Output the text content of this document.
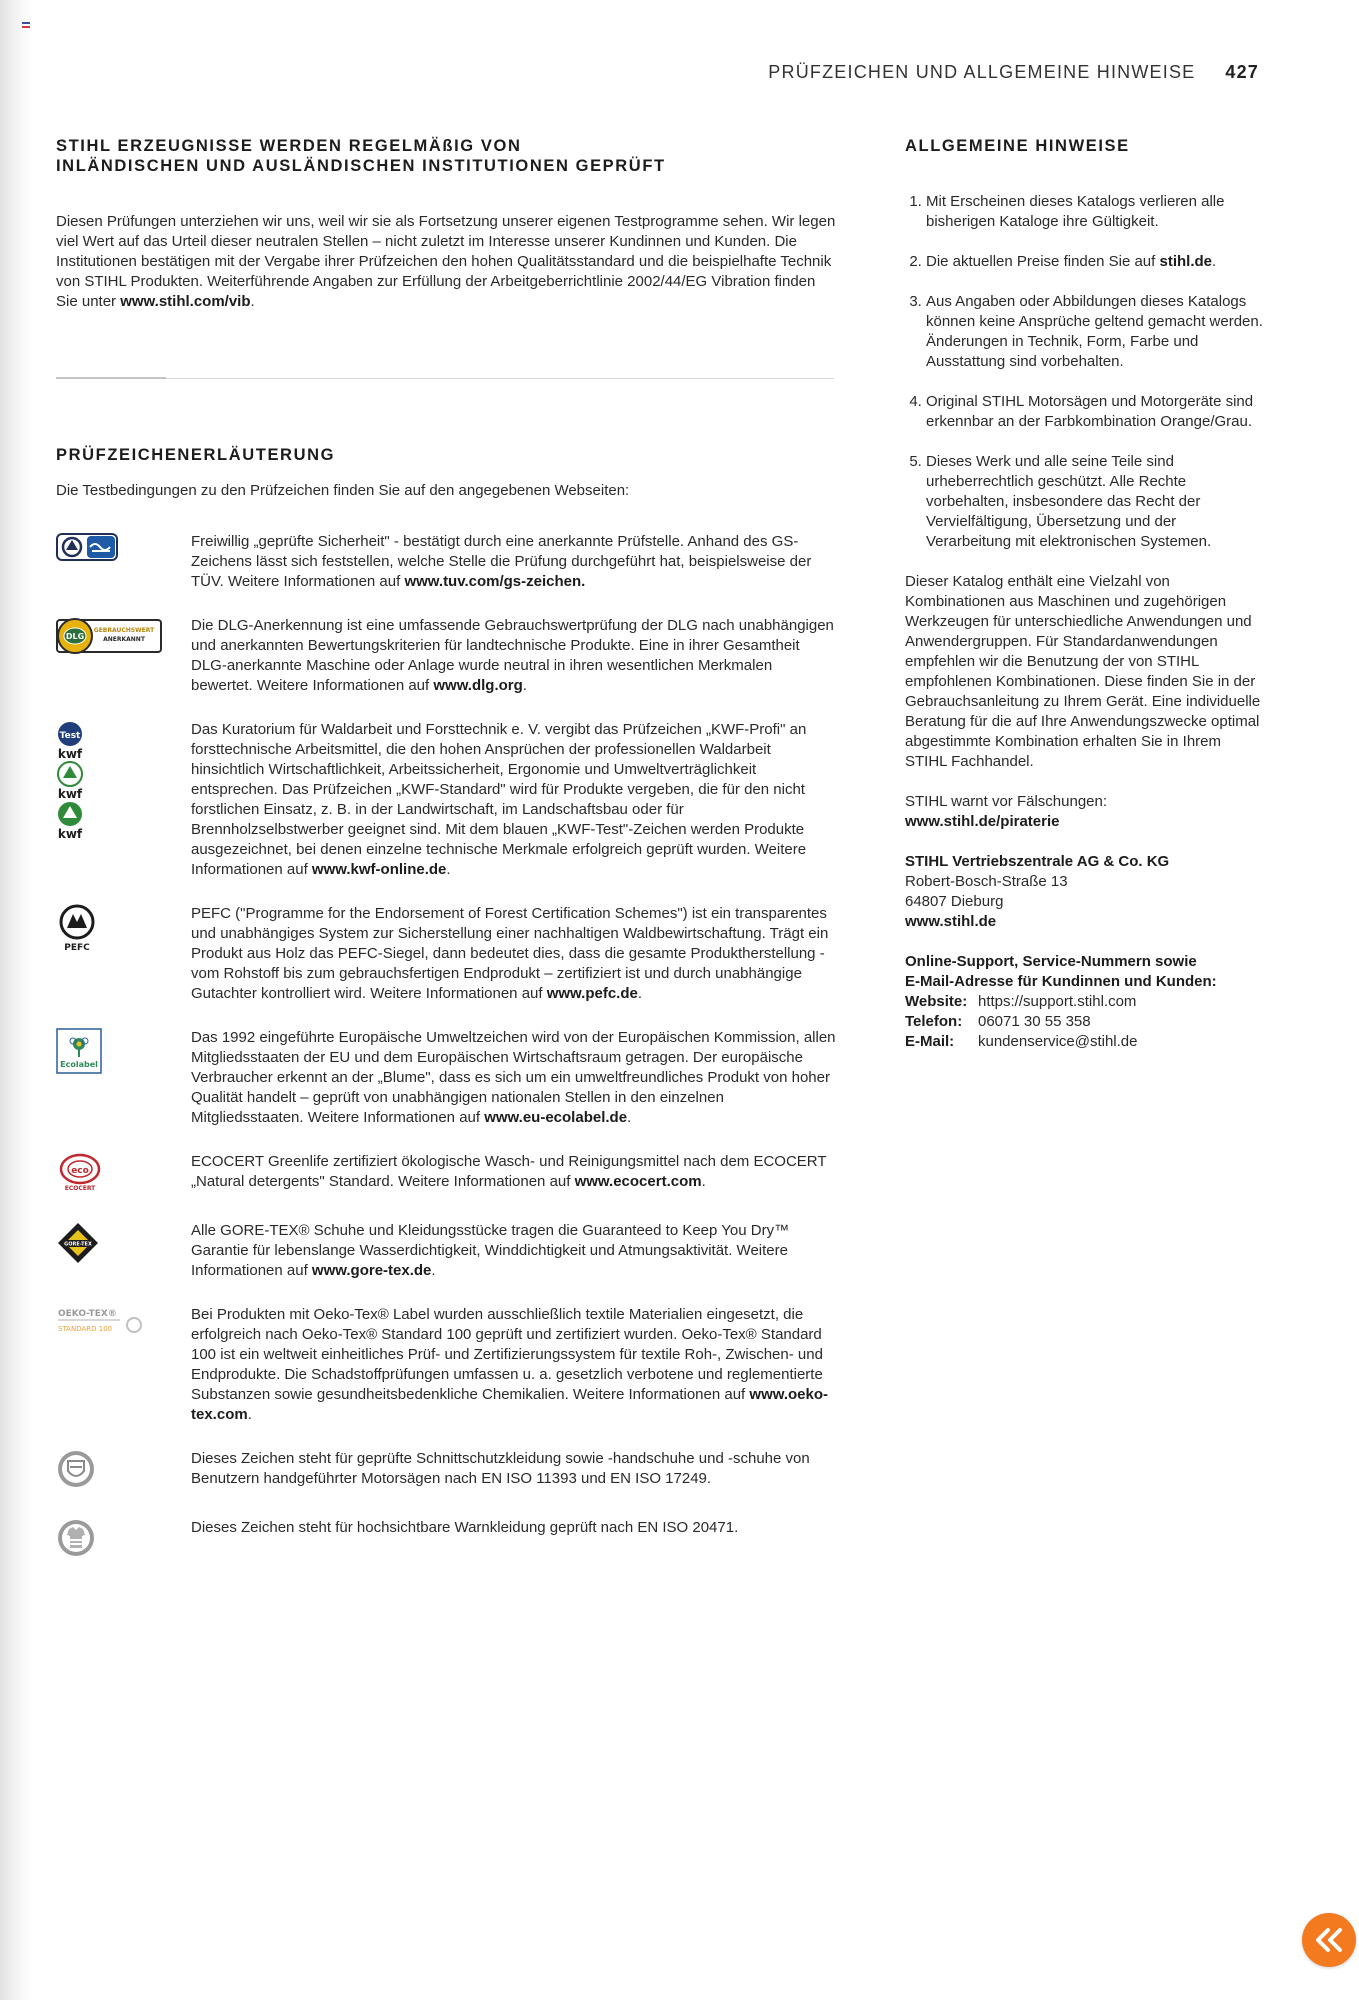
PRÜFZEICHEN UND ALLGEMEINE HINWEISE 427
STIHL ERZEUGNISSE WERDEN REGELMÄßIG VON
INLÄNDISCHEN UND AUSLÄNDISCHEN INSTITUTIONEN GEPRÜFT

Diesen Prüfungen unterziehen wir uns, weil wir sie als Fortsetzung unserer eigenen Testprogramme sehen. Wir legen viel Wert auf das Urteil dieser neutralen Stellen – nicht zuletzt im Interesse unserer Kundinnen und Kunden. Die Institutionen bestätigen mit der Vergabe ihrer Prüfzeichen den hohen Qualitätsstandard und die beispielhafte Technik von STIHL Produkten. Weiterführende Angaben zur Erfüllung der Arbeitgeberrichtlinie 2002/44/EG Vibration finden Sie unter www.stihl.com/vib.

PRÜFZEICHENERLÄUTERUNG

Die Testbedingungen zu den Prüfzeichen finden Sie auf den angegebenen Webseiten:

Freiwillig „geprüfte Sicherheit" - bestätigt durch eine anerkannte Prüfstelle. Anhand des GS-Zeichens lässt sich feststellen, welche Stelle die Prüfung durchgeführt hat, beispielsweise der TÜV. Weitere Informationen auf www.tuv.com/gs-zeichen.

DLG
GEBRAUCHSWERT
ANERKANNT

Die DLG-Anerkennung ist eine umfassende Gebrauchswertprüfung der DLG nach unabhängigen und anerkannten Bewertungskriterien für landtechnische Produkte. Eine in ihrer Gesamtheit DLG-anerkannte Maschine oder Anlage wurde neutral in ihren wesentlichen Merkmalen bewertet. Weitere Informationen auf www.dlg.org.

Test
kwf
kwf
kwf

Das Kuratorium für Waldarbeit und Forsttechnik e. V. vergibt das Prüfzeichen „KWF-Profi" an forsttechnische Arbeitsmittel, die den hohen Ansprüchen der professionellen Waldarbeit hinsichtlich Wirtschaftlichkeit, Arbeitssicherheit, Ergonomie und Umweltverträglichkeit entsprechen. Das Prüfzeichen „KWF-Standard" wird für Produkte vergeben, die für den nicht forstlichen Einsatz, z. B. in der Landwirtschaft, im Landschaftsbau oder für Brennholzselbstwerber geeignet sind. Mit dem blauen „KWF-Test"-Zeichen werden Produkte ausgezeichnet, bei denen einzelne technische Merkmale erfolgreich geprüft wurden. Weitere Informationen auf www.kwf-online.de.

PEFC

PEFC ("Programme for the Endorsement of Forest Certification Schemes") ist ein transparentes und unabhängiges System zur Sicherstellung einer nachhaltigen Waldbewirtschaftung. Trägt ein Produkt aus Holz das PEFC-Siegel, dann bedeutet dies, dass die gesamte Produktherstellung - vom Rohstoff bis zum gebrauchsfertigen Endprodukt – zertifiziert ist und durch unabhängige Gutachter kontrolliert wird. Weitere Informationen auf www.pefc.de.

Ecolabel

Das 1992 eingeführte Europäische Umweltzeichen wird von der Europäischen Kommission, allen Mitgliedsstaaten der EU und dem Europäischen Wirtschaftsraum getragen. Der europäische Verbraucher erkennt an der „Blume", dass es sich um ein umweltfreundliches Produkt von hoher Qualität handelt – geprüft von unabhängigen nationalen Stellen in den einzelnen Mitgliedsstaaten. Weitere Informationen auf www.eu-ecolabel.de.

eco
ECOCERT

ECOCERT Greenlife zertifiziert ökologische Wasch- und Reinigungsmittel nach dem ECOCERT „Natural detergents" Standard. Weitere Informationen auf www.ecocert.com.

GORE-TEX

Alle GORE-TEX® Schuhe und Kleidungsstücke tragen die Guaranteed to Keep You Dry™ Garantie für lebenslange Wasserdichtigkeit, Winddichtigkeit und Atmungsaktivität. Weitere Informationen auf www.gore-tex.de.

OEKO-TEX®
STANDARD 100

Bei Produkten mit Oeko-Tex® Label wurden ausschließlich textile Materialien eingesetzt, die erfolgreich nach Oeko-Tex® Standard 100 geprüft und zertifiziert wurden. Oeko-Tex® Standard 100 ist ein weltweit einheitliches Prüf- und Zertifizierungssystem für textile Roh-, Zwischen- und Endprodukte. Die Schadstoffprüfungen umfassen u. a. gesetzlich verbotene und reglementierte Substanzen sowie gesundheitsbedenkliche Chemikalien. Weitere Informationen auf www.oeko-tex.com.

Dieses Zeichen steht für geprüfte Schnittschutzkleidung sowie -handschuhe und -schuhe von Benutzern handgeführter Motorsägen nach EN ISO 11393 und EN ISO 17249.

Dieses Zeichen steht für hochsichtbare Warnkleidung geprüft nach EN ISO 20471.

ALLGEMEINE HINWEISE
1. Mit Erscheinen dieses Katalogs verlieren alle bisherigen Kataloge ihre Gültigkeit.
2. Die aktuellen Preise finden Sie auf stihl.de.
3. Aus Angaben oder Abbildungen dieses Katalogs können keine Ansprüche geltend gemacht werden. Änderungen in Technik, Form, Farbe und Ausstattung sind vorbehalten.
4. Original STIHL Motorsägen und Motorgeräte sind erkennbar an der Farbkombination Orange/Grau.
5. Dieses Werk und alle seine Teile sind urheberrechtlich geschützt. Alle Rechte vorbehalten, insbesondere das Recht der Vervielfältigung, Übersetzung und der Verarbeitung mit elektronischen Systemen.

Dieser Katalog enthält eine Vielzahl von Kombinationen aus Maschinen und zugehörigen Werkzeugen für unterschiedliche Anwendungen und Anwendergruppen. Für Standardanwendungen empfehlen wir die Benutzung der von STIHL empfohlenen Kombinationen. Diese finden Sie in der Gebrauchsanleitung zu Ihrem Gerät. Eine individuelle Beratung für die auf Ihre Anwendungszwecke optimal abgestimmte Kombination erhalten Sie in Ihrem STIHL Fachhandel.

STIHL warnt vor Fälschungen:
www.stihl.de/piraterie

STIHL Vertriebszentrale AG & Co. KG
Robert-Bosch-Straße 13
64807 Dieburg
www.stihl.de

Online-Support, Service-Nummern sowie
E-Mail-Adresse für Kundinnen und Kunden:
Website: https://support.stihl.com
Telefon: 06071 30 55 358
E-Mail: kundenservice@stihl.de
